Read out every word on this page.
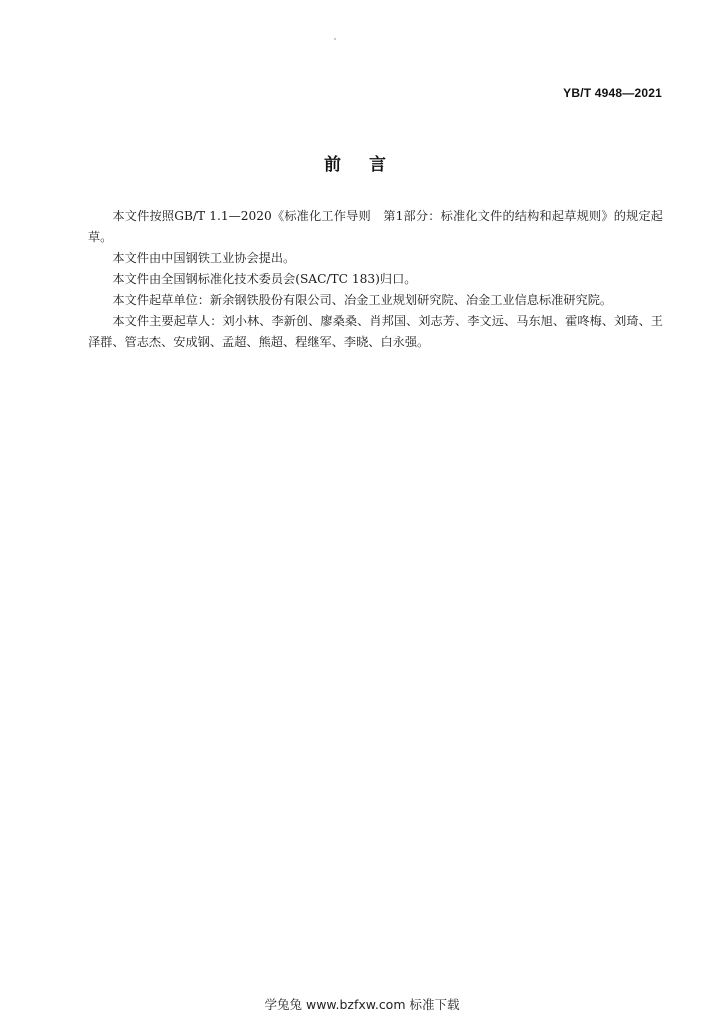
YB/T 4948—2021
前言

本文件按照GB/T 1.1—2020《标准化工作导则　第1部分：标准化文件的结构和起草规则》的规定起草。

本文件由中国钢铁工业协会提出。

本文件由全国钢标准化技术委员会(SAC/TC 183)归口。

本文件起草单位：新余钢铁股份有限公司、冶金工业规划研究院、冶金工业信息标准研究院。

本文件主要起草人：刘小林、李新创、廖桑桑、肖邦国、刘志芳、李文远、马东旭、霍咚梅、刘琦、王泽群、管志杰、安成钢、孟超、熊超、程继军、李晓、白永强。

学兔兔 www.bzfxw.com 标准下载
